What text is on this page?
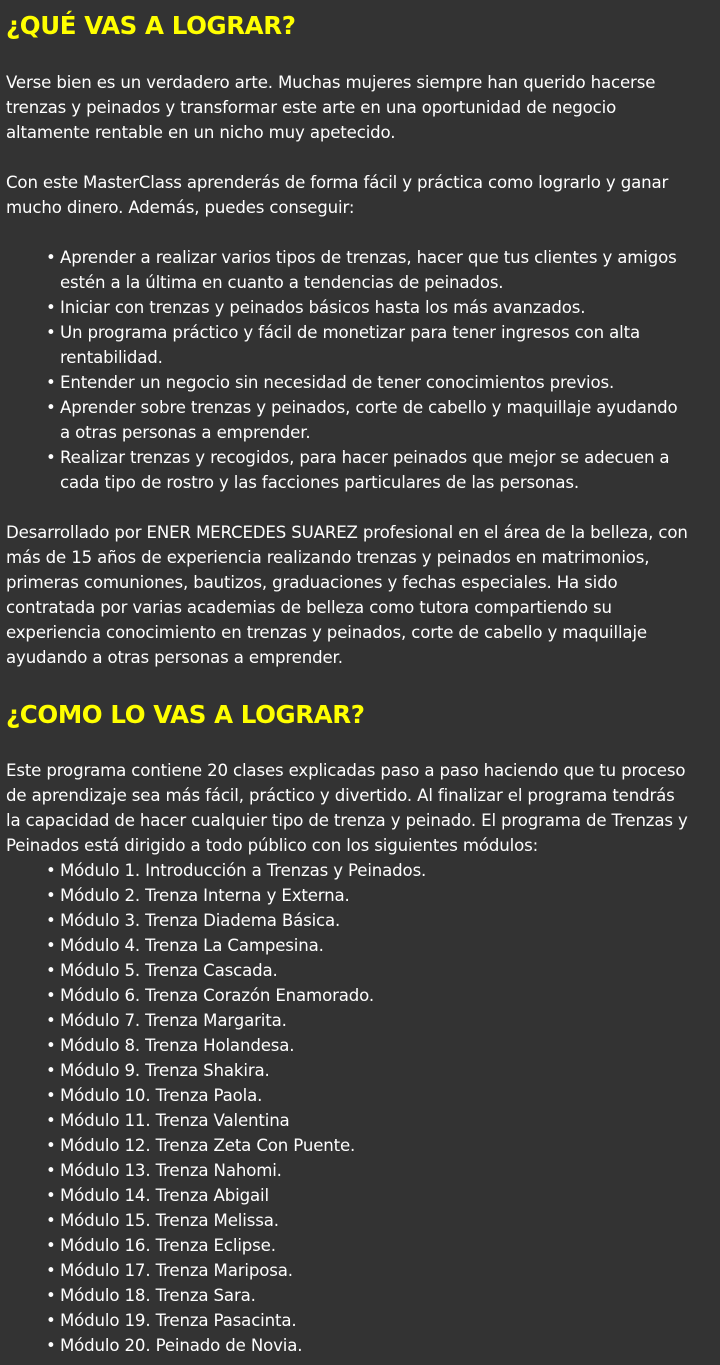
¿QUÉ VAS A LOGRAR?
Verse bien es un verdadero arte. Muchas mujeres siempre han querido hacerse
trenzas y peinados y transformar este arte en una oportunidad de negocio
altamente rentable en un nicho muy apetecido.
Con este MasterClass aprenderás de forma fácil y práctica como lograrlo y ganar
mucho dinero. Además, puedes conseguir:
• Aprender a realizar varios tipos de trenzas, hacer que tus clientes y amigos
estén a la última en cuanto a tendencias de peinados.
• Iniciar con trenzas y peinados básicos hasta los más avanzados.
• Un programa práctico y fácil de monetizar para tener ingresos con alta
rentabilidad.
• Entender un negocio sin necesidad de tener conocimientos previos.
• Aprender sobre trenzas y peinados, corte de cabello y maquillaje ayudando
a otras personas a emprender.
• Realizar trenzas y recogidos, para hacer peinados que mejor se adecuen a
cada tipo de rostro y las facciones particulares de las personas.
Desarrollado por ENER MERCEDES SUAREZ profesional en el área de la belleza, con
más de 15 años de experiencia realizando trenzas y peinados en matrimonios,
primeras comuniones, bautizos, graduaciones y fechas especiales. Ha sido
contratada por varias academias de belleza como tutora compartiendo su
experiencia conocimiento en trenzas y peinados, corte de cabello y maquillaje
ayudando a otras personas a emprender.
¿COMO LO VAS A LOGRAR?
Este programa contiene 20 clases explicadas paso a paso haciendo que tu proceso
de aprendizaje sea más fácil, práctico y divertido. Al finalizar el programa tendrás
la capacidad de hacer cualquier tipo de trenza y peinado. El programa de Trenzas y
Peinados está dirigido a todo público con los siguientes módulos:
• Módulo 1. Introducción a Trenzas y Peinados.
• Módulo 2. Trenza Interna y Externa.
• Módulo 3. Trenza Diadema Básica.
• Módulo 4. Trenza La Campesina.
• Módulo 5. Trenza Cascada.
• Módulo 6. Trenza Corazón Enamorado.
• Módulo 7. Trenza Margarita.
• Módulo 8. Trenza Holandesa.
• Módulo 9. Trenza Shakira.
• Módulo 10. Trenza Paola.
• Módulo 11. Trenza Valentina
• Módulo 12. Trenza Zeta Con Puente.
• Módulo 13. Trenza Nahomi.
• Módulo 14. Trenza Abigail
• Módulo 15. Trenza Melissa.
• Módulo 16. Trenza Eclipse.
• Módulo 17. Trenza Mariposa.
• Módulo 18. Trenza Sara.
• Módulo 19. Trenza Pasacinta.
• Módulo 20. Peinado de Novia.
